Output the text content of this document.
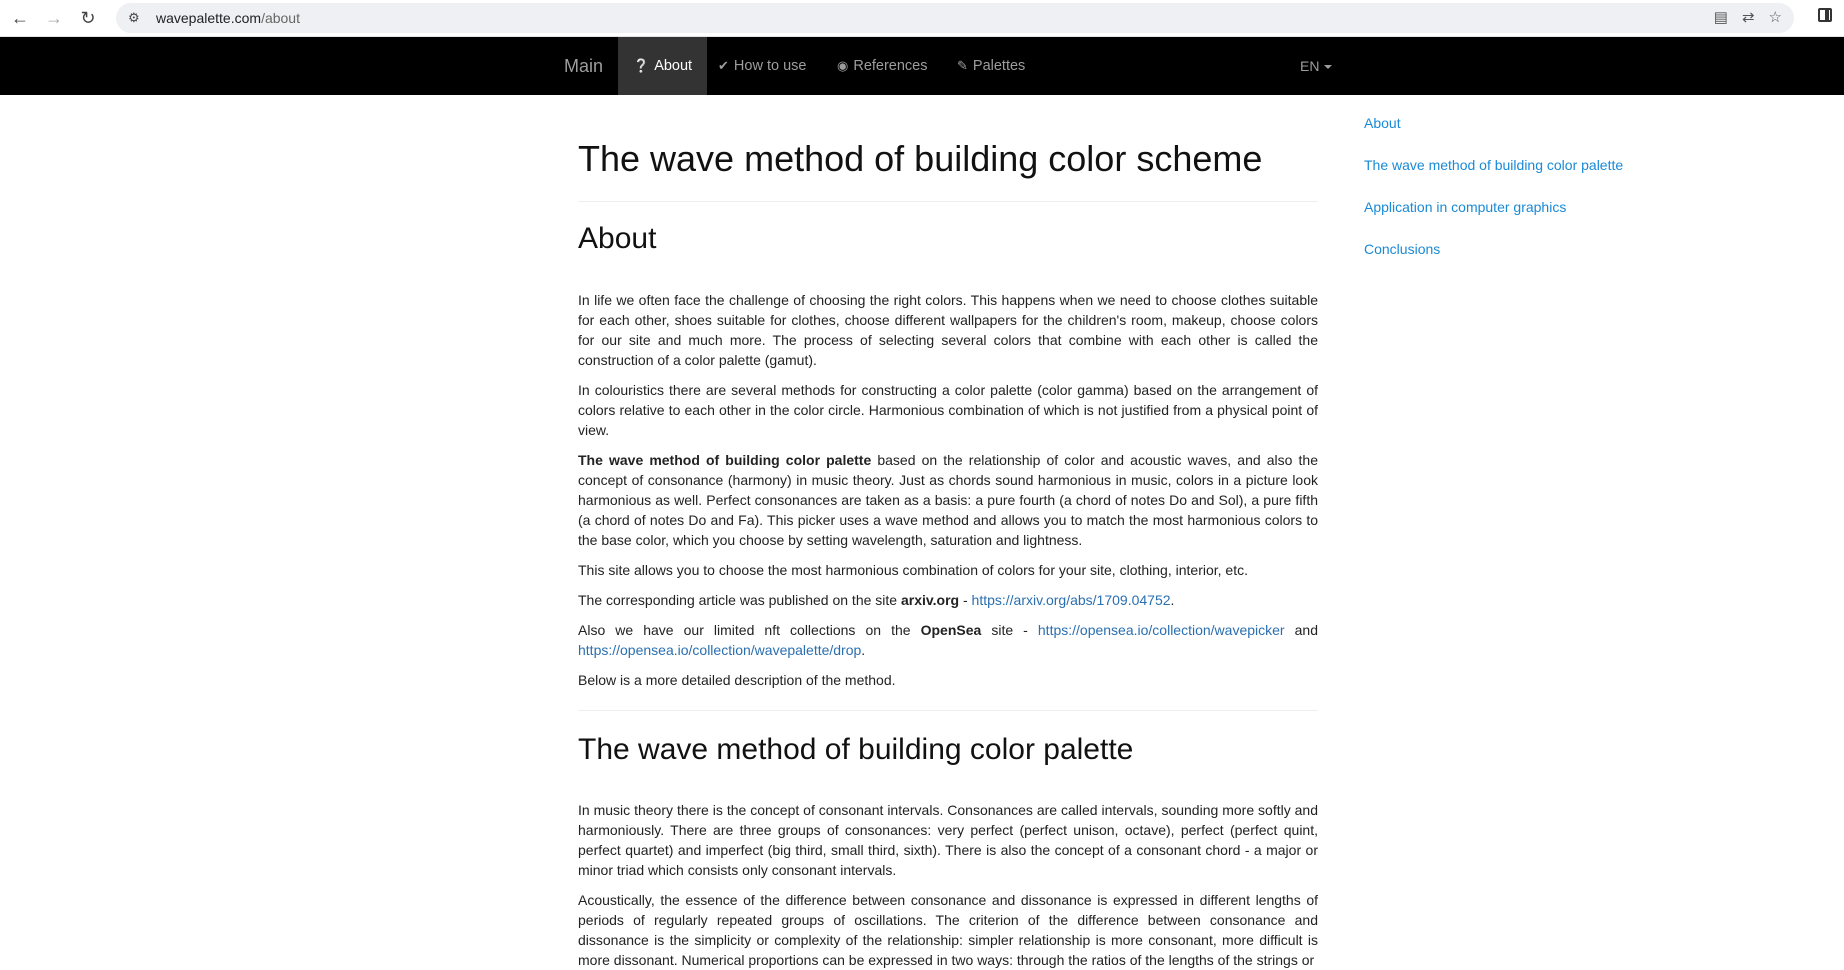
← → ↻	⚙	wavepalette.com/about	▤ ⇄ ☆
Main	❔ About	✔ How to use	◉ References	✎ Palettes	EN
The wave method of building color scheme
About

In life we often face the challenge of choosing the right colors. This happens when we need to choose clothes suitable for each other, shoes suitable for clothes, choose different wallpapers for the children's room, makeup, choose colors for our site and much more. The process of selecting several colors that combine with each other is called the construction of a color palette (gamut).

In colouristics there are several methods for constructing a color palette (color gamma) based on the arrangement of colors relative to each other in the color circle. Harmonious combination of which is not justified from a physical point of view.

The wave method of building color palette based on the relationship of color and acoustic waves, and also the concept of consonance (harmony) in music theory. Just as chords sound harmonious in music, colors in a picture look harmonious as well. Perfect consonances are taken as a basis: a pure fourth (a chord of notes Do and Sol), a pure fifth (a chord of notes Do and Fa). This picker uses a wave method and allows you to match the most harmonious colors to the base color, which you choose by setting wavelength, saturation and lightness.

This site allows you to choose the most harmonious combination of colors for your site, clothing, interior, etc.

The corresponding article was published on the site arxiv.org - https://arxiv.org/abs/1709.04752.

Also we have our limited nft collections on the OpenSea site - https://opensea.io/collection/wavepicker and https://opensea.io/collection/wavepalette/drop.

Below is a more detailed description of the method.

The wave method of building color palette

In music theory there is the concept of consonant intervals. Consonances are called intervals, sounding more softly and harmoniously. There are three groups of consonances: very perfect (perfect unison, octave), perfect (perfect quint, perfect quartet) and imperfect (big third, small third, sixth). There is also the concept of a consonant chord - a major or minor triad which consists only consonant intervals.

Acoustically, the essence of the difference between consonance and dissonance is expressed in different lengths of periods of regularly repeated groups of oscillations. The criterion of the difference between consonance and dissonance is the simplicity or complexity of the relationship: simpler relationship is more consonant, more difficult is more dissonant. Numerical proportions can be expressed in two ways: through the ratios of the lengths of the strings or

About
The wave method of building color palette
Application in computer graphics
Conclusions
